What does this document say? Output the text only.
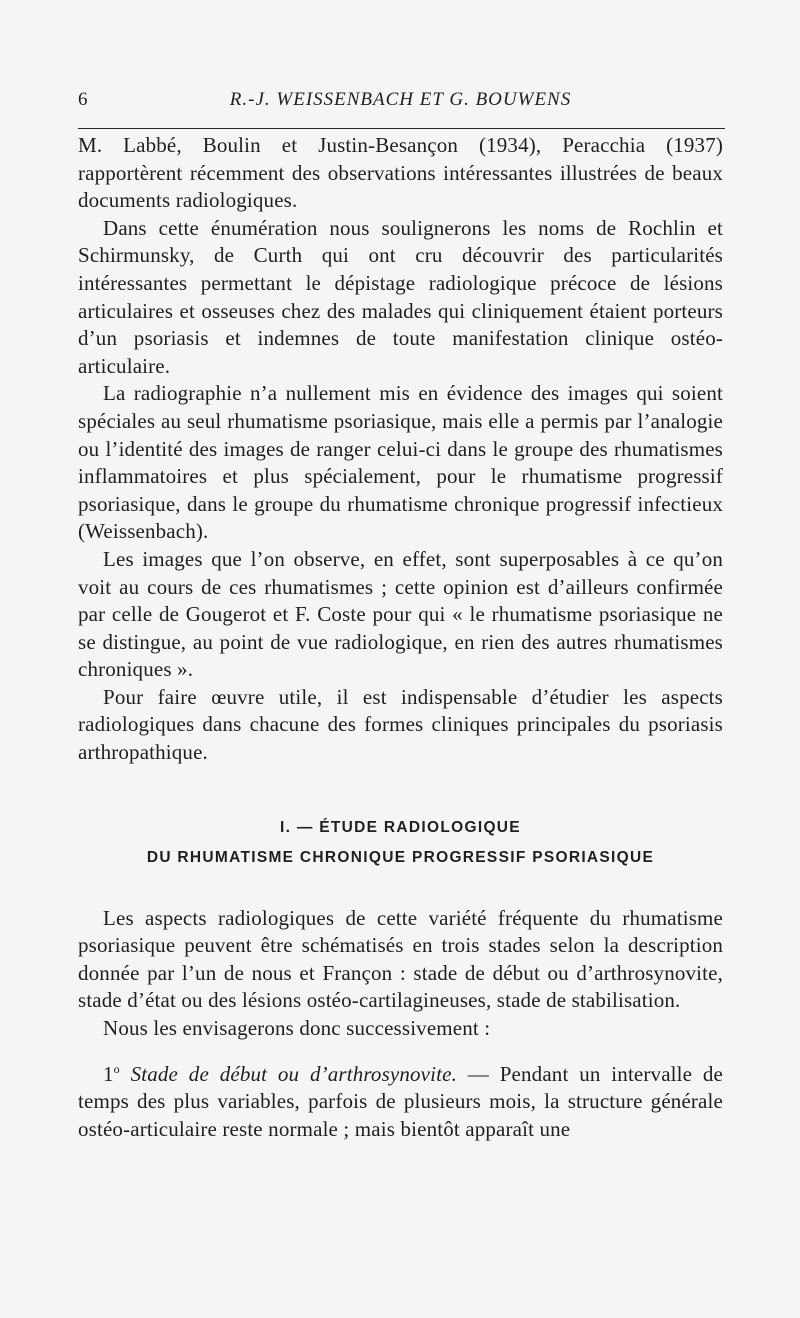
6	R.-J. WEISSENBACH ET G. BOUWENS

M. Labbé, Boulin et Justin-Besançon (1934), Peracchia (1937) rapportèrent récemment des observations intéressantes illustrées de beaux documents radiologiques.

Dans cette énumération nous soulignerons les noms de Rochlin et Schirmunsky, de Curth qui ont cru découvrir des particularités intéressantes permettant le dépistage radiologique précoce de lésions articulaires et osseuses chez des malades qui cliniquement étaient porteurs d’un psoriasis et indemnes de toute manifestation clinique ostéo-articulaire.

La radiographie n’a nullement mis en évidence des images qui soient spéciales au seul rhumatisme psoriasique, mais elle a permis par l’analogie ou l’identité des images de ranger celui-ci dans le groupe des rhumatismes inflammatoires et plus spécialement, pour le rhumatisme progressif psoriasique, dans le groupe du rhumatisme chronique progressif infectieux (Weissenbach).

Les images que l’on observe, en effet, sont superposables à ce qu’on voit au cours de ces rhumatismes ; cette opinion est d’ailleurs confirmée par celle de Gougerot et F. Coste pour qui « le rhumatisme psoriasique ne se distingue, au point de vue radiologique, en rien des autres rhumatismes chroniques ».

Pour faire œuvre utile, il est indispensable d’étudier les aspects radiologiques dans chacune des formes cliniques principales du psoriasis arthropathique.

I. — ÉTUDE RADIOLOGIQUE
DU RHUMATISME CHRONIQUE PROGRESSIF PSORIASIQUE

Les aspects radiologiques de cette variété fréquente du rhumatisme psoriasique peuvent être schématisés en trois stades selon la description donnée par l’un de nous et Françon : stade de début ou d’arthrosynovite, stade d’état ou des lésions ostéo-cartilagineuses, stade de stabilisation.

Nous les envisagerons donc successivement :

1$^o$ Stade de début ou d’arthrosynovite. — Pendant un intervalle de temps des plus variables, parfois de plusieurs mois, la structure générale ostéo-articulaire reste normale ; mais bientôt apparaît une
